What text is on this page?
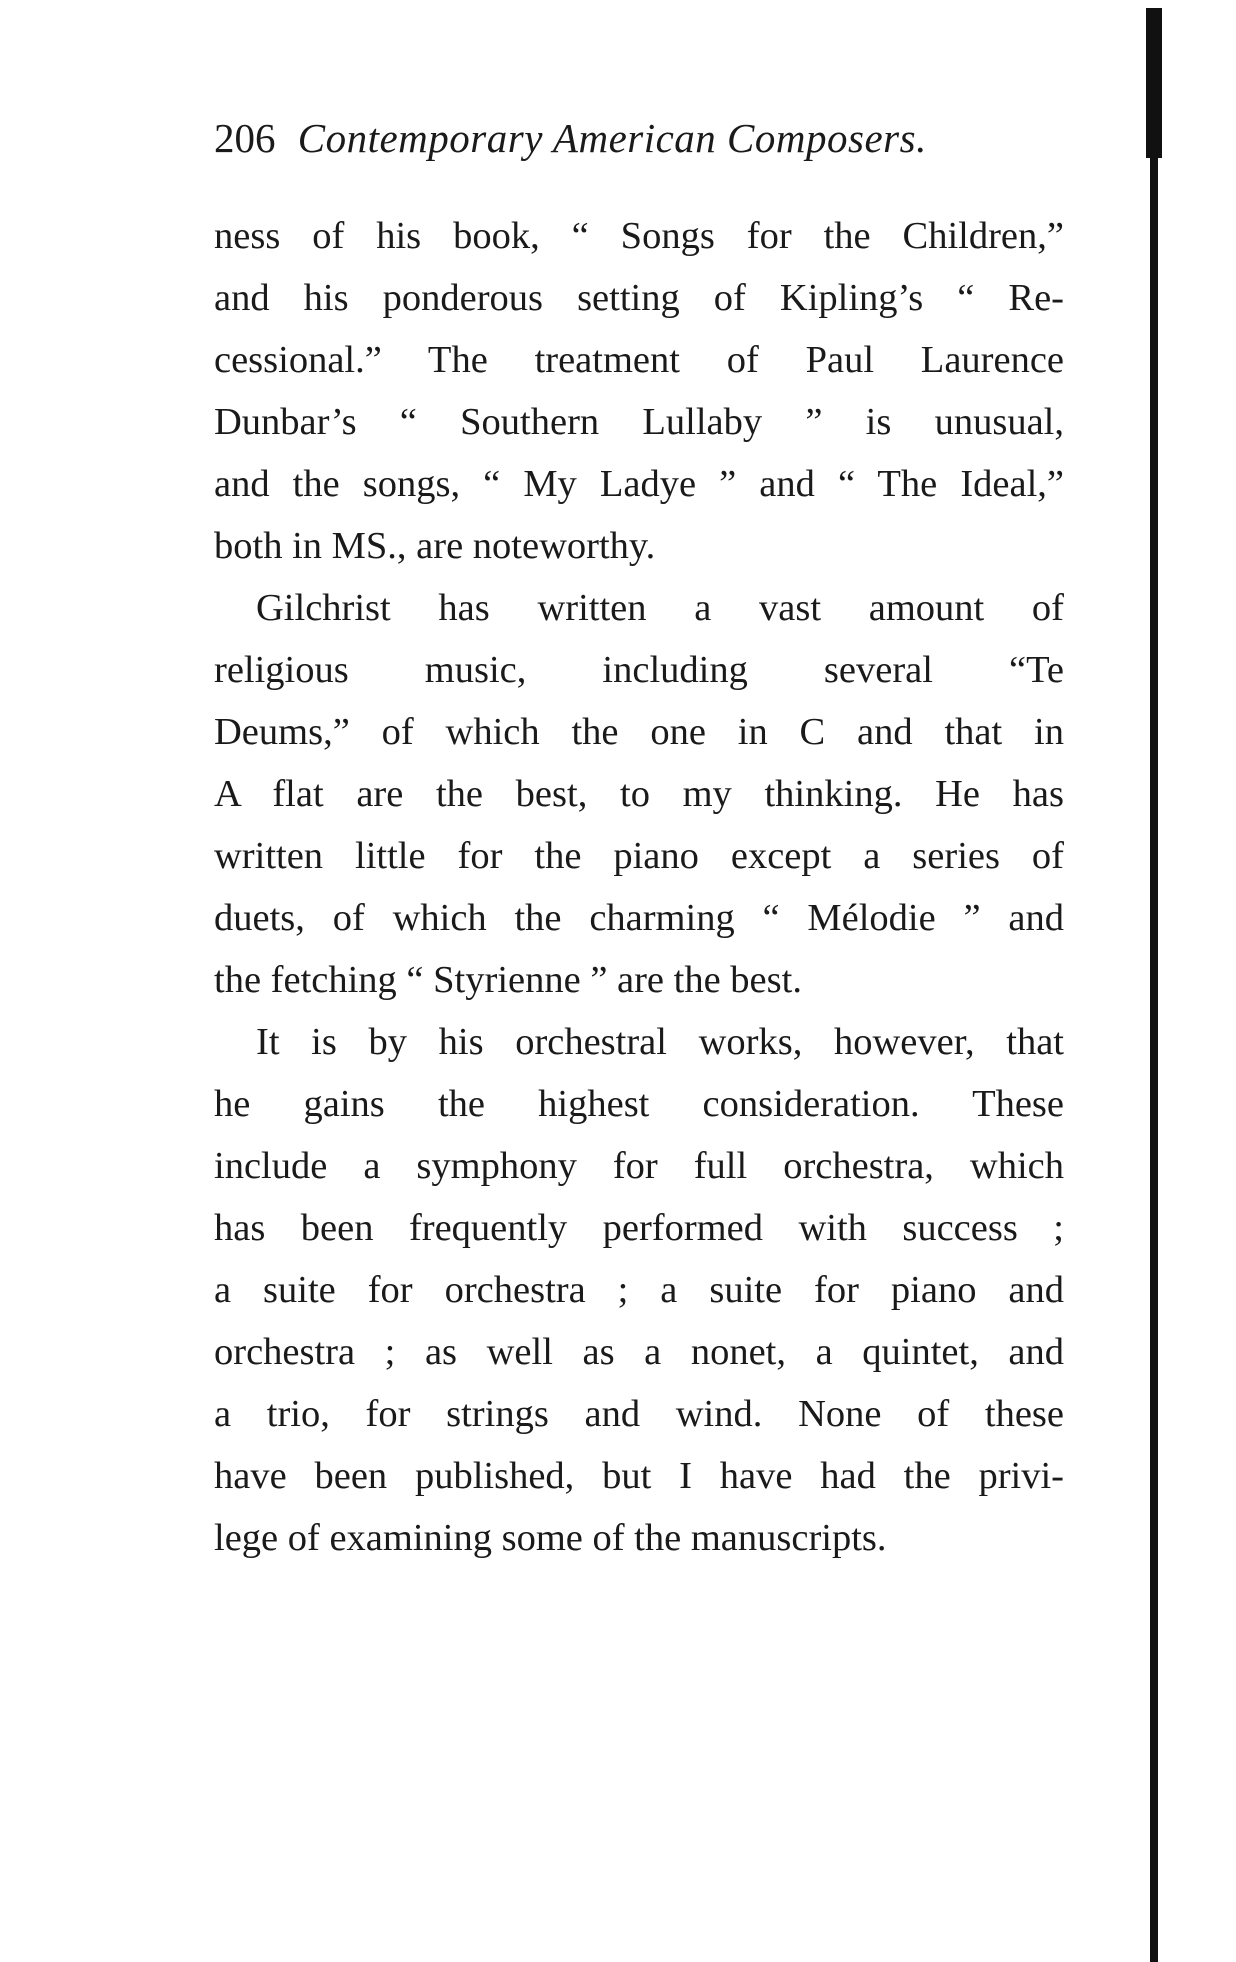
206 Contemporary American Composers.
ness of his book, “ Songs for the Children,”
and his ponderous setting of Kipling’s “ Re-
cessional.” The treatment of Paul Laurence
Dunbar’s “ Southern Lullaby ” is unusual,
and the songs, “ My Ladye ” and “ The Ideal,”
both in MS., are noteworthy.
Gilchrist has written a vast amount of
religious music, including several “Te
Deums,” of which the one in C and that in
A flat are the best, to my thinking. He has
written little for the piano except a series of
duets, of which the charming “ Mélodie ” and
the fetching “ Styrienne ” are the best.
It is by his orchestral works, however, that
he gains the highest consideration. These
include a symphony for full orchestra, which
has been frequently performed with success ;
a suite for orchestra ; a suite for piano and
orchestra ; as well as a nonet, a quintet, and
a trio, for strings and wind. None of these
have been published, but I have had the privi-
lege of examining some of the manuscripts.
